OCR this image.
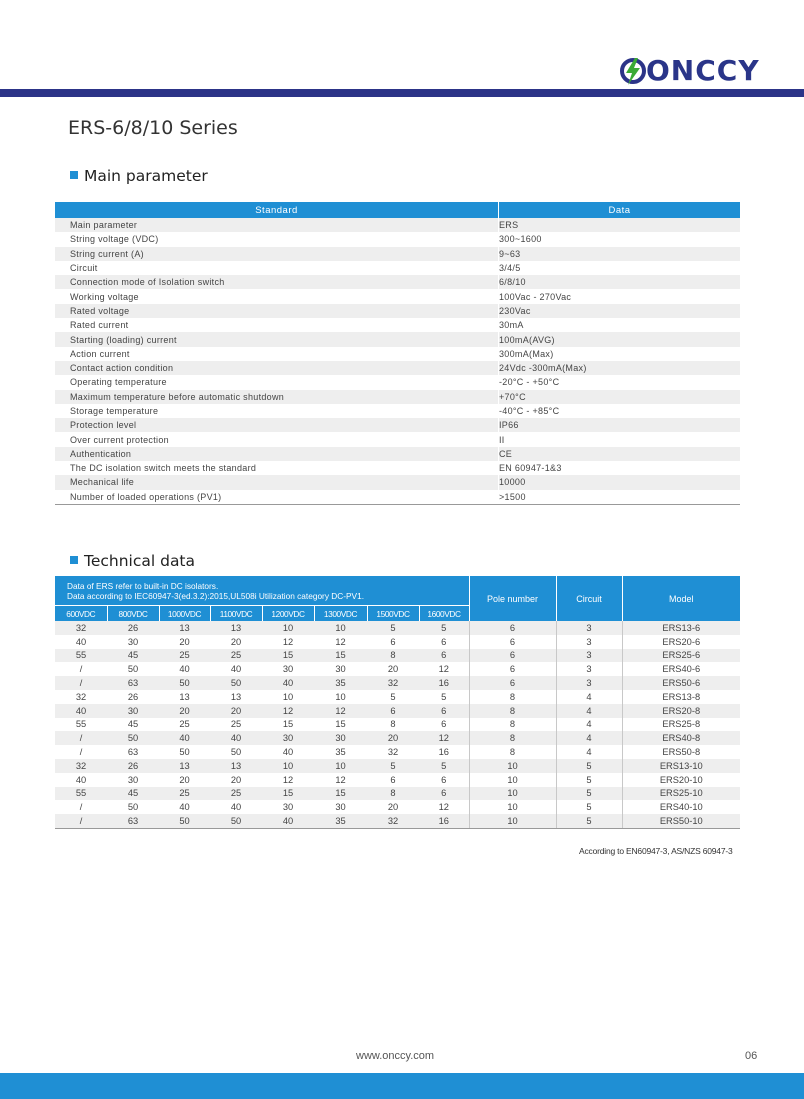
ONCCY
ERS-6/8/10 Series
Main parameter
Standard	Data
Main parameter	ERS
String voltage (VDC)	300~1600
String current (A)	9~63
Circuit	3/4/5
Connection mode of Isolation switch	6/8/10
Working voltage	100Vac - 270Vac
Rated voltage	230Vac
Rated current	30mA
Starting (loading) current	100mA(AVG)
Action current	300mA(Max)
Contact action condition	24Vdc -300mA(Max)
Operating temperature	-20°C - +50°C
Maximum temperature before automatic shutdown	+70°C
Storage temperature	-40°C - +85°C
Protection level	IP66
Over current protection	II
Authentication	CE
The DC isolation switch meets the standard	EN 60947-1&3
Mechanical life	10000
Number of loaded operations (PV1)	>1500
Technical data
Data of ERS refer to built-in DC isolators.
Data according to IEC60947-3(ed.3.2):2015,UL508i Utilization category DC-PV1.								Pole number	Circuit	Model
600VDC	800VDC	1000VDC	1100VDC	1200VDC	1300VDC	1500VDC	1600VDC			
32	26	13	13	10	10	5	5	6	3	ERS13-6
40	30	20	20	12	12	6	6	6	3	ERS20-6
55	45	25	25	15	15	8	6	6	3	ERS25-6
/	50	40	40	30	30	20	12	6	3	ERS40-6
/	63	50	50	40	35	32	16	6	3	ERS50-6
32	26	13	13	10	10	5	5	8	4	ERS13-8
40	30	20	20	12	12	6	6	8	4	ERS20-8
55	45	25	25	15	15	8	6	8	4	ERS25-8
/	50	40	40	30	30	20	12	8	4	ERS40-8
/	63	50	50	40	35	32	16	8	4	ERS50-8
32	26	13	13	10	10	5	5	10	5	ERS13-10
40	30	20	20	12	12	6	6	10	5	ERS20-10
55	45	25	25	15	15	8	6	10	5	ERS25-10
/	50	40	40	30	30	20	12	10	5	ERS40-10
/	63	50	50	40	35	32	16	10	5	ERS50-10
According to EN60947-3, AS/NZS 60947-3
www.onccy.com	06
